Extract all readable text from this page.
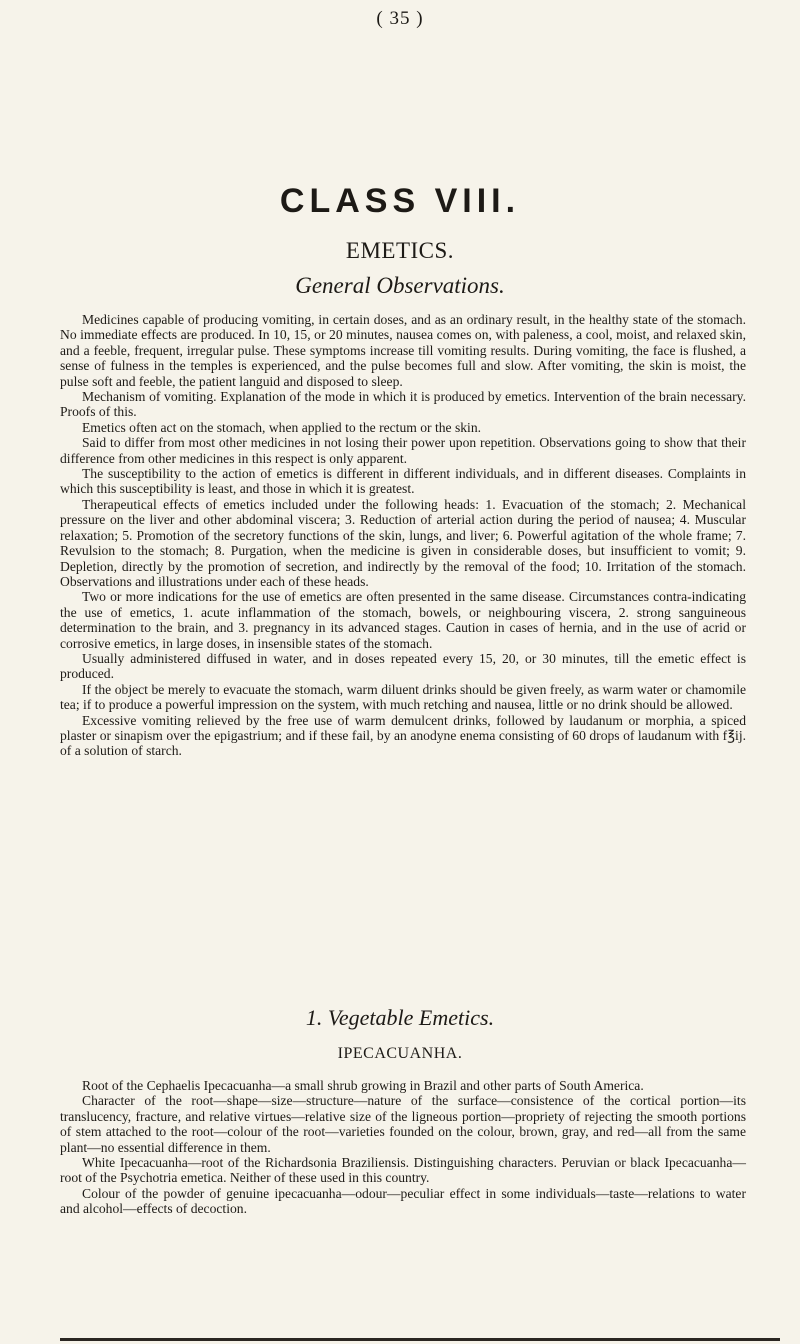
( 35 )
​
CLASS VIII.
EMETICS.
General Observations.

Medicines capable of producing vomiting, in certain doses, and as an ordinary result, in the healthy state of the stomach. No immediate effects are produced. In 10, 15, or 20 minutes, nausea comes on, with paleness, a cool, moist, and relaxed skin, and a feeble, frequent, irregular pulse. These symptoms increase till vomiting results. During vomiting, the face is flushed, a sense of fulness in the temples is experienced, and the pulse becomes full and slow. After vomiting, the skin is moist, the pulse soft and feeble, the patient languid and disposed to sleep.

Mechanism of vomiting. Explanation of the mode in which it is produced by emetics. Intervention of the brain necessary. Proofs of this.

Emetics often act on the stomach, when applied to the rectum or the skin.

Said to differ from most other medicines in not losing their power upon repetition. Observations going to show that their difference from other medicines in this respect is only apparent.

The susceptibility to the action of emetics is different in different individuals, and in different diseases. Complaints in which this susceptibility is least, and those in which it is greatest.

Therapeutical effects of emetics included under the following heads: 1. Evacuation of the stomach; 2. Mechanical pressure on the liver and other abdominal viscera; 3. Reduction of arterial action during the period of nausea; 4. Muscular relaxation; 5. Promotion of the secretory functions of the skin, lungs, and liver; 6. Powerful agitation of the whole frame; 7. Revulsion to the stomach; 8. Purgation, when the medicine is given in considerable doses, but insufficient to vomit; 9. Depletion, directly by the promotion of secretion, and indirectly by the removal of the food; 10. Irritation of the stomach. Observations and illustrations under each of these heads.

Two or more indications for the use of emetics are often presented in the same disease. Circumstances contra-indicating the use of emetics, 1. acute inflammation of the stomach, bowels, or neighbouring viscera, 2. strong sanguineous determination to the brain, and 3. pregnancy in its advanced stages. Caution in cases of hernia, and in the use of acrid or corrosive emetics, in large doses, in insensible states of the stomach.

Usually administered diffused in water, and in doses repeated every 15, 20, or 30 minutes, till the emetic effect is produced.

If the object be merely to evacuate the stomach, warm diluent drinks should be given freely, as warm water or chamomile tea; if to produce a powerful impression on the system, with much retching and nausea, little or no drink should be allowed.

Excessive vomiting relieved by the free use of warm demulcent drinks, followed by laudanum or morphia, a spiced plaster or sinapism over the epigastrium; and if these fail, by an anodyne enema consisting of 60 drops of laudanum with f℥ij. of a solution of starch.

1. Vegetable Emetics.
IPECACUANHA.

Root of the Cephaelis Ipecacuanha—a small shrub growing in Brazil and other parts of South America.

Character of the root—shape—size—structure—nature of the surface—consistence of the cortical portion—its translucency, fracture, and relative virtues—relative size of the ligneous portion—propriety of rejecting the smooth portions of stem attached to the root—colour of the root—varieties founded on the colour, brown, gray, and red—all from the same plant—no essential difference in them.

White Ipecacuanha—root of the Richardsonia Braziliensis. Distinguishing characters. Peruvian or black Ipecacuanha—root of the Psychotria emetica. Neither of these used in this country.

Colour of the powder of genuine ipecacuanha—odour—peculiar effect in some individuals—taste—relations to water and alcohol—effects of decoction.
